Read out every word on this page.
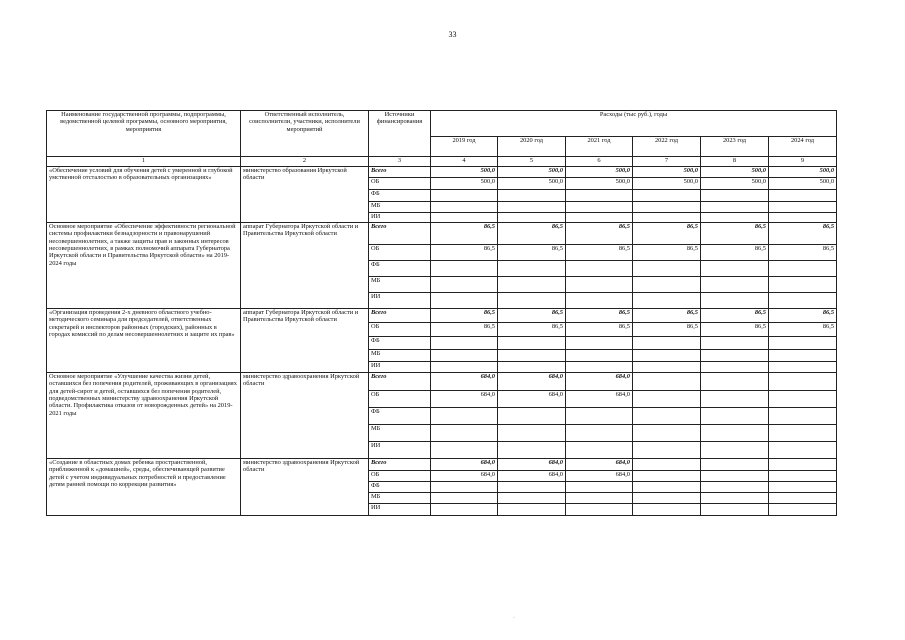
33
Наименование государственной программы, подпрограммы, ведомственной целевой программы, основного мероприятия, мероприятия	Ответственный исполнитель, соисполнители, участники, исполнители мероприятий	Источники финансирования	Расходы (тыс руб.), годы					
			2019 год	2020 год	2021 год	2022 год	2023 год	2024 год
1	2	3	4	5	6	7	8	9
«Обеспечение условий для обучения детей с умеренной и глубокой умственной отсталостью в образовательных организациях»	министерство образования Иркутской области	Всего	500,0	500,0	500,0	500,0	500,0	500,0
		ОБ	500,0	500,0	500,0	500,0	500,0	500,0
		ФБ						
		МБ						
		ИИ						
Основное мероприятие «Обеспечение эффективности региональной системы профилактики безнадзорности и правонарушений несовершеннолетних, а также защиты прав и законных интересов несовершеннолетних, в рамках полномочий аппарата Губернатора Иркутской области и Правительства Иркутской области» на 2019-2024 годы	аппарат Губернатора Иркутской области и Правительства Иркутской области	Всего	86,5	86,5	86,5	86,5	86,5	86,5
		ОБ	86,5	86,5	86,5	86,5	86,5	86,5
		ФБ						
		МБ						
		ИИ						
«Организация проведения 2-х дневного областного учебно-методического семинара для председателей, ответственных секретарей и инспекторов районных (городских), районных в городах комиссий по делам несовершеннолетних и защите их прав»	аппарат Губернатора Иркутской области и Правительства Иркутской области	Всего	86,5	86,5	86,5	86,5	86,5	86,5
		ОБ	86,5	86,5	86,5	86,5	86,5	86,5
		ФБ						
		МБ						
		ИИ						
Основное мероприятие «Улучшение качества жизни детей, оставшихся без попечения родителей, проживающих в организациях для детей-сирот и детей, оставшихся без попечения родителей, подведомственных министерству здравоохранения Иркутской области. Профилактика отказов от новорожденных детей» на 2019-2021 годы	министерство здравоохранения Иркутской области	Всего	684,0	684,0	684,0			
		ОБ	684,0	684,0	684,0			
		ФБ						
		МБ						
		ИИ						
«Создание в областных домах ребенка пространственной, приближенной к «домашней», среды, обеспечивающей развитие детей с учетом индивидуальных потребностей и предоставление детям ранней помощи по коррекции развития»	министерство здравоохранения Иркутской области	Всего	684,0	684,0	684,0			
		ОБ	684,0	684,0	684,0			
		ФБ						
		МБ						
		ИИ						
·
